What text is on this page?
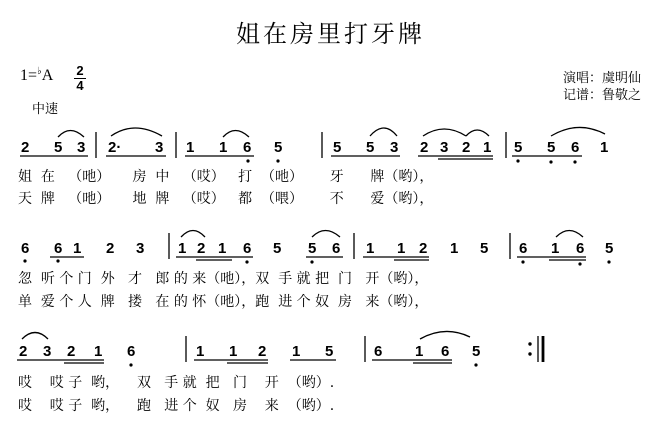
姐在房里打牙牌
1=♭A 2
4
中速
演唱：虞明仙
记谱：鲁敬之
2 5 3 2· 3 1 1 6 5	5 5 3 2 3 2 1 5 5 6 1
姐  在   （吔）     房  中   （哎）   打  （吔）      牙      牌（哟），
天  牌   （吔）     地  牌   （哎）   都  （喂）      不      爱（哟），
6 6 1 2 3 1 2 1 6 5 5 6 1 1 2 1 5 6 1 6 5
忽  听 个 门  外   才   郎 的 来（吔），双  手 就 把  门   开（哟），
单  爱 个 人  牌   搂   在 的 怀（吔），跑  进 个 奴  房   来（哟），
2 3 2 1 6	1 1 2 1 5	6 1 6 5
哎    哎 子  哟，    双   手 就  把   门    开  （哟）.
哎    哎 子  哟，    跑   进 个  奴   房    来  （哟）.
